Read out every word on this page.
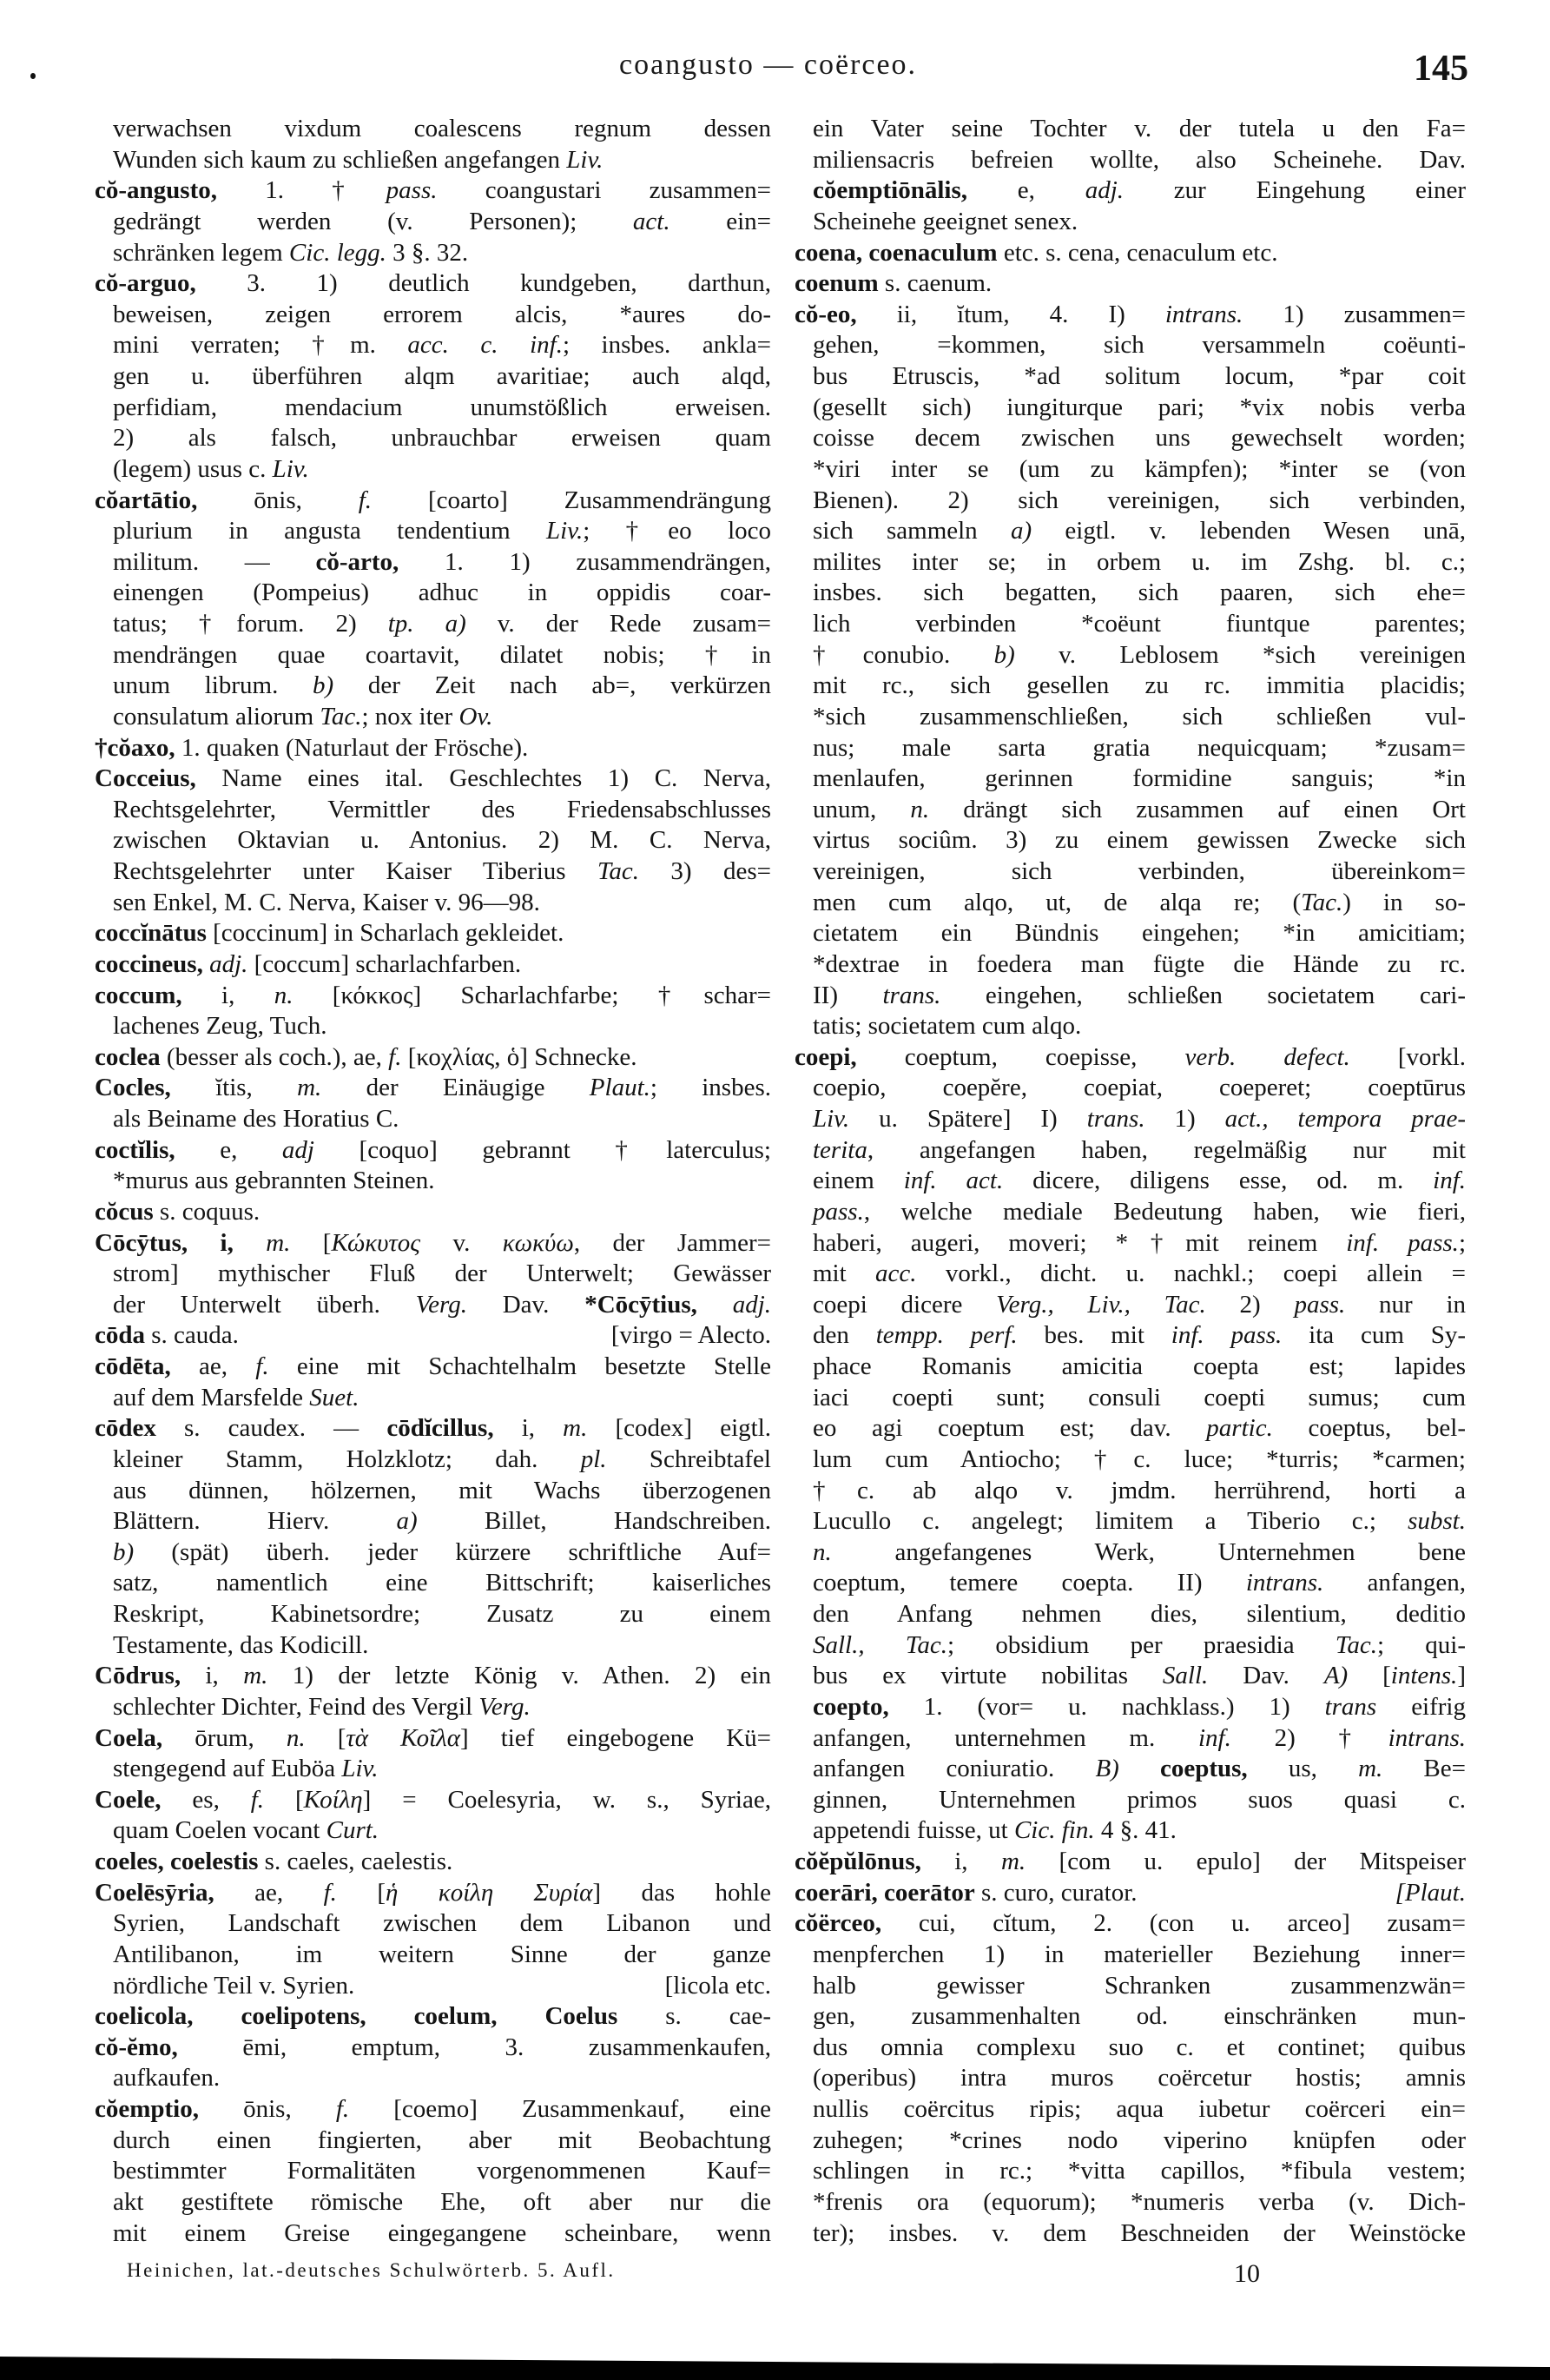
coangusto — coërceo.	145
verwachsen vixdum coalescens regnum dessen
Wunden sich kaum zu schließen angefangen Liv.
cŏ-angusto, 1. †pass. coangustari zusammen=
gedrängt werden (v. Personen); act. ein=
schränken legem Cic. legg. 3 §. 32.
cŏ-arguo, 3. 1) deutlich kundgeben, darthun,
beweisen, zeigen errorem alcis, *aures do-
mini verraten; †m. acc. c. inf.; insbes. ankla=
gen u. überführen alqm avaritiae; auch alqd,
perfidiam, mendacium unumstößlich erweisen.
2) als falsch, unbrauchbar erweisen quam
(legem) usus c. Liv.
cŏartātio, ōnis, f. [coarto] Zusammendrängung
plurium in angusta tendentium Liv.; †eo loco
militum. — cŏ-arto, 1. 1) zusammendrängen,
einengen (Pompeius) adhuc in oppidis coar-
tatus; †forum. 2) tp. a) v. der Rede zusam=
mendrängen quae coartavit, dilatet nobis; †in
unum librum. b) der Zeit nach ab=, verkürzen
consulatum aliorum Tac.; nox iter Ov.
†cŏaxo, 1. quaken (Naturlaut der Frösche).
Cocceius, Name eines ital. Geschlechtes 1) C. Nerva,
Rechtsgelehrter, Vermittler des Friedensabschlusses
zwischen Oktavian u. Antonius. 2) M. C. Nerva,
Rechtsgelehrter unter Kaiser Tiberius Tac. 3) des=
sen Enkel, M. C. Nerva, Kaiser v. 96—98.
coccĭnātus [coccinum] in Scharlach gekleidet.
coccineus, adj. [coccum] scharlachfarben.
coccum, i, n. [κόκκος] Scharlachfarbe; †schar=
lachenes Zeug, Tuch.
coclea (besser als coch.), ae, f. [κοχλίας, ὁ] Schnecke.
Cocles, ĭtis, m. der Einäugige Plaut.; insbes.
als Beiname des Horatius C.
coctĭlis, e, adj [coquo] gebrannt †laterculus;
*murus aus gebrannten Steinen.
cŏcus s. coquus.
Cōcȳtus, i, m. [Κώκυτος v. κωκύω, der Jammer=
strom] mythischer Fluß der Unterwelt; Gewässer
der Unterwelt überh. Verg. Dav. *Cōcȳtius, adj.
cōda s. cauda.	[virgo = Alecto.
cōdēta, ae, f. eine mit Schachtelhalm besetzte Stelle
auf dem Marsfelde Suet.
cōdex s. caudex. — cōdĭcillus, i, m. [codex] eigtl.
kleiner Stamm, Holzklotz; dah. pl. Schreibtafel
aus dünnen, hölzernen, mit Wachs überzogenen
Blättern. Hierv. a) Billet, Handschreiben.
b) (spät) überh. jeder kürzere schriftliche Auf=
satz, namentlich eine Bittschrift; kaiserliches
Reskript, Kabinetsordre; Zusatz zu einem
Testamente, das Kodicill.
Cōdrus, i, m. 1) der letzte König v. Athen. 2) ein
schlechter Dichter, Feind des Vergil Verg.
Coela, ōrum, n. [τὰ Κοῖλα] tief eingebogene Kü=
stengegend auf Euböa Liv.
Coele, es, f. [Κοίλη] = Coelesyria, w. s., Syriae,
quam Coelen vocant Curt.
coeles, coelestis s. caeles, caelestis.
Coelēsȳria, ae, f. [ἡ κοίλη Συρία] das hohle
Syrien, Landschaft zwischen dem Libanon und
Antilibanon, im weitern Sinne der ganze
nördliche Teil v. Syrien.	[licola etc.
coelicola, coelipotens, coelum, Coelus s. cae-
cŏ-ĕmo, ēmi, emptum, 3. zusammenkaufen,
aufkaufen.
cŏemptio, ōnis, f. [coemo] Zusammenkauf, eine
durch einen fingierten, aber mit Beobachtung
bestimmter Formalitäten vorgenommenen Kauf=
akt gestiftete römische Ehe, oft aber nur die
mit einem Greise eingegangene scheinbare, wenn
ein Vater seine Tochter v. der tutela u den Fa=
miliensacris befreien wollte, also Scheinehe. Dav.
cŏemptiōnālis, e, adj. zur Eingehung einer
Scheinehe geeignet senex.
coena, coenaculum etc. s. cena, cenaculum etc.
coenum s. caenum.
cŏ-eo, ii, ĭtum, 4. I) intrans. 1) zusammen=
gehen, =kommen, sich versammeln coëunti-
bus Etruscis, *ad solitum locum, *par coit
(gesellt sich) iungiturque pari; *vix nobis verba
coisse decem zwischen uns gewechselt worden;
*viri inter se (um zu kämpfen); *inter se (von
Bienen). 2) sich vereinigen, sich verbinden,
sich sammeln a) eigtl. v. lebenden Wesen unā,
milites inter se; in orbem u. im Zshg. bl. c.;
insbes. sich begatten, sich paaren, sich ehe=
lich verbinden *coëunt fiuntque parentes;
†conubio. b) v. Leblosem *sich vereinigen
mit rc., sich gesellen zu rc. immitia placidis;
*sich zusammenschließen, sich schließen vul-
nus; male sarta gratia nequicquam; *zusam=
menlaufen, gerinnen formidine sanguis; *in
unum, n. drängt sich zusammen auf einen Ort
virtus sociûm. 3) zu einem gewissen Zwecke sich
vereinigen, sich verbinden, übereinkom=
men cum alqo, ut, de alqa re; (Tac.) in so-
cietatem ein Bündnis eingehen; *in amicitiam;
*dextrae in foedera man fügte die Hände zu rc.
II) trans. eingehen, schließen societatem cari-
tatis; societatem cum alqo.
coepi, coeptum, coepisse, verb. defect. [vorkl.
coepio, coepĕre, coepiat, coeperet; coeptūrus
Liv. u. Spätere] I) trans. 1) act., tempora prae-
terita, angefangen haben, regelmäßig nur mit
einem inf. act. dicere, diligens esse, od. m. inf.
pass., welche mediale Bedeutung haben, wie fieri,
haberi, augeri, moveri; *†mit reinem inf. pass.;
mit acc. vorkl., dicht. u. nachkl.; coepi allein =
coepi dicere Verg., Liv., Tac. 2) pass. nur in
den tempp. perf. bes. mit inf. pass. ita cum Sy-
phace Romanis amicitia coepta est; lapides
iaci coepti sunt; consuli coepti sumus; cum
eo agi coeptum est; dav. partic. coeptus, bel-
lum cum Antiocho; †c. luce; *turris; *carmen;
†c. ab alqo v. jmdm. herrührend, horti a
Lucullo c. angelegt; limitem a Tiberio c.; subst.
n. angefangenes Werk, Unternehmen bene
coeptum, temere coepta. II) intrans. anfangen,
den Anfang nehmen dies, silentium, deditio
Sall., Tac.; obsidium per praesidia Tac.; qui-
bus ex virtute nobilitas Sall. Dav. A) [intens.]
coepto, 1. (vor= u. nachklass.) 1) trans eifrig
anfangen, unternehmen m. inf. 2) †intrans.
anfangen coniuratio. B) coeptus, us, m. Be=
ginnen, Unternehmen primos suos quasi c.
appetendi fuisse, ut Cic. fin. 4 §. 41.
cŏĕpŭlōnus, i, m. [com u. epulo] der Mitspeiser
coerāri, coerātor s. curo, curator.	[Plaut.
cŏërceo, cui, cĭtum, 2. (con u. arceo] zusam=
menpferchen 1) in materieller Beziehung inner=
halb gewisser Schranken zusammenzwän=
gen, zusammenhalten od. einschränken mun-
dus omnia complexu suo c. et continet; quibus
(operibus) intra muros coërcetur hostis; amnis
nullis coërcitus ripis; aqua iubetur coërceri ein=
zuhegen; *crines nodo viperino knüpfen oder
schlingen in rc.; *vitta capillos, *fibula vestem;
*frenis ora (equorum); *numeris verba (v. Dich-
ter); insbes. v. dem Beschneiden der Weinstöcke
Heinichen, lat.-deutsches Schulwörterb. 5. Aufl.	10
